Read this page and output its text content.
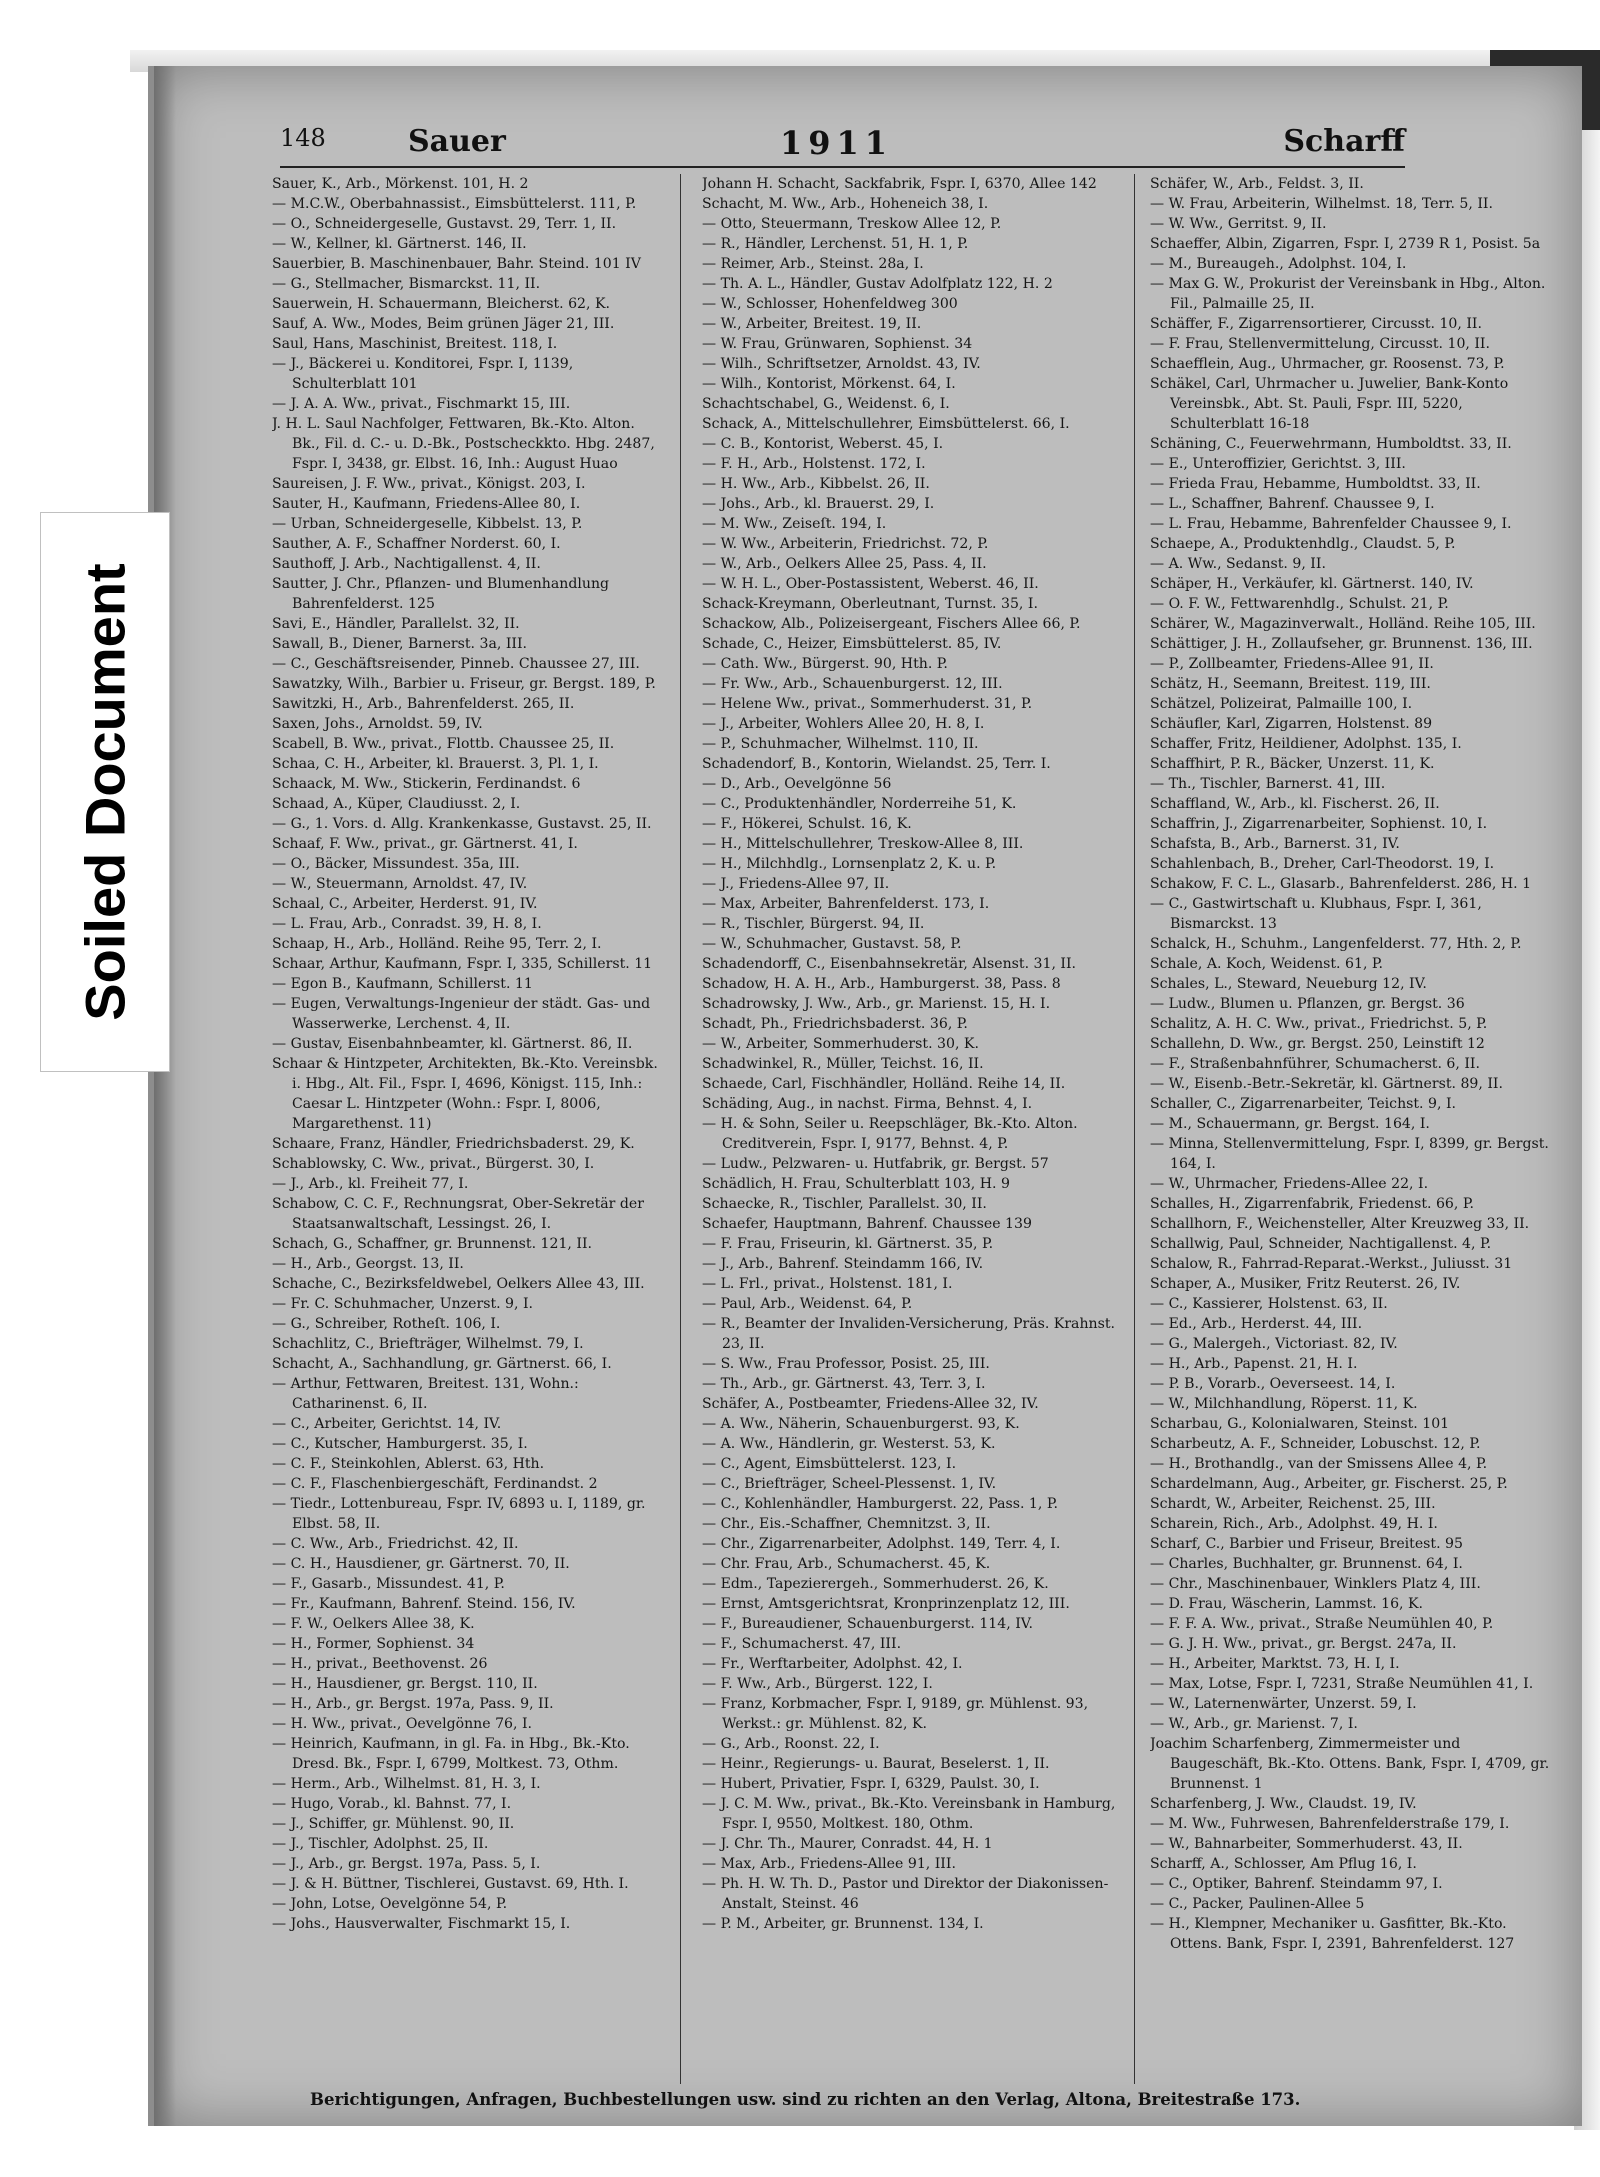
Soiled Document
148	Sauer	1911	Scharff

Sauer, K., Arb., Mörkenst. 101, H. 2

— M.C.W., Oberbahnassist., Eimsbüttelerst. 111, P.

— O., Schneidergeselle, Gustavst. 29, Terr. 1, II.

— W., Kellner, kl. Gärtnerst. 146, II.

Sauerbier, B. Maschinenbauer, Bahr. Steind. 101 IV

— G., Stellmacher, Bismarckst. 11, II.

Sauerwein, H. Schauermann, Bleicherst. 62, K.

Sauf, A. Ww., Modes, Beim grünen Jäger 21, III.

Saul, Hans, Maschinist, Breitest. 118, I.

— J., Bäckerei u. Konditorei, Fspr. I, 1139, Schulterblatt 101

— J. A. A. Ww., privat., Fischmarkt 15, III.

J. H. L. Saul Nachfolger, Fettwaren, Bk.-Kto. Alton. Bk., Fil. d. C.- u. D.-Bk., Postscheckkto. Hbg. 2487, Fspr. I, 3438, gr. Elbst. 16, Inh.: August Huao

Saureisen, J. F. Ww., privat., Königst. 203, I.

Sauter, H., Kaufmann, Friedens-Allee 80, I.

— Urban, Schneidergeselle, Kibbelst. 13, P.

Sauther, A. F., Schaffner Norderst. 60, I.

Sauthoff, J. Arb., Nachtigallenst. 4, II.

Sautter, J. Chr., Pflanzen- und Blumenhandlung Bahrenfelderst. 125

Savi, E., Händler, Parallelst. 32, II.

Sawall, B., Diener, Barnerst. 3a, III.

— C., Geschäftsreisender, Pinneb. Chaussee 27, III.

Sawatzky, Wilh., Barbier u. Friseur, gr. Bergst. 189, P.

Sawitzki, H., Arb., Bahrenfelderst. 265, II.

Saxen, Johs., Arnoldst. 59, IV.

Scabell, B. Ww., privat., Flottb. Chaussee 25, II.

Schaa, C. H., Arbeiter, kl. Brauerst. 3, Pl. 1, I.

Schaack, M. Ww., Stickerin, Ferdinandst. 6

Schaad, A., Küper, Claudiusst. 2, I.

— G., 1. Vors. d. Allg. Krankenkasse, Gustavst. 25, II.

Schaaf, F. Ww., privat., gr. Gärtnerst. 41, I.

— O., Bäcker, Missundest. 35a, III.

— W., Steuermann, Arnoldst. 47, IV.

Schaal, C., Arbeiter, Herderst. 91, IV.

— L. Frau, Arb., Conradst. 39, H. 8, I.

Schaap, H., Arb., Holländ. Reihe 95, Terr. 2, I.

Schaar, Arthur, Kaufmann, Fspr. I, 335, Schillerst. 11

— Egon B., Kaufmann, Schillerst. 11

— Eugen, Verwaltungs-Ingenieur der städt. Gas- und Wasserwerke, Lerchenst. 4, II.

— Gustav, Eisenbahnbeamter, kl. Gärtnerst. 86, II.

Schaar & Hintzpeter, Architekten, Bk.-Kto. Vereinsbk. i. Hbg., Alt. Fil., Fspr. I, 4696, Königst. 115, Inh.: Caesar L. Hintzpeter (Wohn.: Fspr. I, 8006, Margarethenst. 11)

Schaare, Franz, Händler, Friedrichsbaderst. 29, K.

Schablowsky, C. Ww., privat., Bürgerst. 30, I.

— J., Arb., kl. Freiheit 77, I.

Schabow, C. C. F., Rechnungsrat, Ober-Sekretär der Staatsanwaltschaft, Lessingst. 26, I.

Schach, G., Schaffner, gr. Brunnenst. 121, II.

— H., Arb., Georgst. 13, II.

Schache, C., Bezirksfeldwebel, Oelkers Allee 43, III.

— Fr. C. Schuhmacher, Unzerst. 9, I.

— G., Schreiber, Rotheſt. 106, I.

Schachlitz, C., Briefträger, Wilhelmst. 79, I.

Schacht, A., Sachhandlung, gr. Gärtnerst. 66, I.

— Arthur, Fettwaren, Breitest. 131, Wohn.: Catharinenst. 6, II.

— C., Arbeiter, Gerichtst. 14, IV.

— C., Kutscher, Hamburgerst. 35, I.

— C. F., Steinkohlen, Ablerst. 63, Hth.

— C. F., Flaschenbiergeschäft, Ferdinandst. 2

— Tiedr., Lottenbureau, Fspr. IV, 6893 u. I, 1189, gr. Elbst. 58, II.

— C. Ww., Arb., Friedrichst. 42, II.

— C. H., Hausdiener, gr. Gärtnerst. 70, II.

— F., Gasarb., Missundest. 41, P.

— Fr., Kaufmann, Bahrenf. Steind. 156, IV.

— F. W., Oelkers Allee 38, K.

— H., Former, Sophienst. 34

— H., privat., Beethovenst. 26

— H., Hausdiener, gr. Bergst. 110, II.

— H., Arb., gr. Bergst. 197a, Pass. 9, II.

— H. Ww., privat., Oevelgönne 76, I.

— Heinrich, Kaufmann, in gl. Fa. in Hbg., Bk.-Kto. Dresd. Bk., Fspr. I, 6799, Moltkest. 73, Othm.

— Herm., Arb., Wilhelmst. 81, H. 3, I.

— Hugo, Vorab., kl. Bahnst. 77, I.

— J., Schiffer, gr. Mühlenst. 90, II.

— J., Tischler, Adolphst. 25, II.

— J., Arb., gr. Bergst. 197a, Pass. 5, I.

— J. & H. Büttner, Tischlerei, Gustavst. 69, Hth. I.

— John, Lotse, Oevelgönne 54, P.

— Johs., Hausverwalter, Fischmarkt 15, I.

Johann H. Schacht, Sackfabrik, Fspr. I, 6370, Allee 142

Schacht, M. Ww., Arb., Hoheneich 38, I.

— Otto, Steuermann, Treskow Allee 12, P.

— R., Händler, Lerchenst. 51, H. 1, P.

— Reimer, Arb., Steinst. 28a, I.

— Th. A. L., Händler, Gustav Adolfplatz 122, H. 2

— W., Schlosser, Hohenfeldweg 300

— W., Arbeiter, Breitest. 19, II.

— W. Frau, Grünwaren, Sophienst. 34

— Wilh., Schriftsetzer, Arnoldst. 43, IV.

— Wilh., Kontorist, Mörkenst. 64, I.

Schachtschabel, G., Weidenst. 6, I.

Schack, A., Mittelschullehrer, Eimsbüttelerst. 66, I.

— C. B., Kontorist, Weberst. 45, I.

— F. H., Arb., Holstenst. 172, I.

— H. Ww., Arb., Kibbelst. 26, II.

— Johs., Arb., kl. Brauerst. 29, I.

— M. Ww., Zeiseſt. 194, I.

— W. Ww., Arbeiterin, Friedrichst. 72, P.

— W., Arb., Oelkers Allee 25, Pass. 4, II.

— W. H. L., Ober-Postassistent, Weberst. 46, II.

Schack-Kreymann, Oberleutnant, Turnst. 35, I.

Schackow, Alb., Polizeisergeant, Fischers Allee 66, P.

Schade, C., Heizer, Eimsbüttelerst. 85, IV.

— Cath. Ww., Bürgerst. 90, Hth. P.

— Fr. Ww., Arb., Schauenburgerst. 12, III.

— Helene Ww., privat., Sommerhuderst. 31, P.

— J., Arbeiter, Wohlers Allee 20, H. 8, I.

— P., Schuhmacher, Wilhelmst. 110, II.

Schadendorf, B., Kontorin, Wielandst. 25, Terr. I.

— D., Arb., Oevelgönne 56

— C., Produktenhändler, Norderreihe 51, K.

— F., Hökerei, Schulst. 16, K.

— H., Mittelschullehrer, Treskow-Allee 8, III.

— H., Milchhdlg., Lornsenplatz 2, K. u. P.

— J., Friedens-Allee 97, II.

— Max, Arbeiter, Bahrenfelderst. 173, I.

— R., Tischler, Bürgerst. 94, II.

— W., Schuhmacher, Gustavst. 58, P.

Schadendorff, C., Eisenbahnsekretär, Alsenst. 31, II.

Schadow, H. A. H., Arb., Hamburgerst. 38, Pass. 8

Schadrowsky, J. Ww., Arb., gr. Marienst. 15, H. I.

Schadt, Ph., Friedrichsbaderst. 36, P.

— W., Arbeiter, Sommerhuderst. 30, K.

Schadwinkel, R., Müller, Teichst. 16, II.

Schaede, Carl, Fischhändler, Holländ. Reihe 14, II.

Schäding, Aug., in nachst. Firma, Behnst. 4, I.

— H. & Sohn, Seiler u. Reepschläger, Bk.-Kto. Alton. Creditverein, Fspr. I, 9177, Behnst. 4, P.

— Ludw., Pelzwaren- u. Hutfabrik, gr. Bergst. 57

Schädlich, H. Frau, Schulterblatt 103, H. 9

Schaecke, R., Tischler, Parallelst. 30, II.

Schaefer, Hauptmann, Bahrenf. Chaussee 139

— F. Frau, Friseurin, kl. Gärtnerst. 35, P.

— J., Arb., Bahrenf. Steindamm 166, IV.

— L. Frl., privat., Holstenst. 181, I.

— Paul, Arb., Weidenst. 64, P.

— R., Beamter der Invaliden-Versicherung, Präs. Krahnst. 23, II.

— S. Ww., Frau Professor, Posist. 25, III.

— Th., Arb., gr. Gärtnerst. 43, Terr. 3, I.

Schäfer, A., Postbeamter, Friedens-Allee 32, IV.

— A. Ww., Näherin, Schauenburgerst. 93, K.

— A. Ww., Händlerin, gr. Westerst. 53, K.

— C., Agent, Eimsbüttelerst. 123, I.

— C., Briefträger, Scheel-Plessenst. 1, IV.

— C., Kohlenhändler, Hamburgerst. 22, Pass. 1, P.

— Chr., Eis.-Schaffner, Chemnitzst. 3, II.

— Chr., Zigarrenarbeiter, Adolphst. 149, Terr. 4, I.

— Chr. Frau, Arb., Schumacherst. 45, K.

— Edm., Tapezierergeh., Sommerhuderst. 26, K.

— Ernst, Amtsgerichtsrat, Kronprinzenplatz 12, III.

— F., Bureaudiener, Schauenburgerst. 114, IV.

— F., Schumacherst. 47, III.

— Fr., Werftarbeiter, Adolphst. 42, I.

— F. Ww., Arb., Bürgerst. 122, I.

— Franz, Korbmacher, Fspr. I, 9189, gr. Mühlenst. 93, Werkst.: gr. Mühlenst. 82, K.

— G., Arb., Roonst. 22, I.

— Heinr., Regierungs- u. Baurat, Beselerst. 1, II.

— Hubert, Privatier, Fspr. I, 6329, Paulst. 30, I.

— J. C. M. Ww., privat., Bk.-Kto. Vereinsbank in Hamburg, Fspr. I, 9550, Moltkest. 180, Othm.

— J. Chr. Th., Maurer, Conradst. 44, H. 1

— Max, Arb., Friedens-Allee 91, III.

— Ph. H. W. Th. D., Pastor und Direktor der Diakonissen-Anstalt, Steinst. 46

— P. M., Arbeiter, gr. Brunnenst. 134, I.

Schäfer, W., Arb., Feldst. 3, II.

— W. Frau, Arbeiterin, Wilhelmst. 18, Terr. 5, II.

— W. Ww., Gerritst. 9, II.

Schaeffer, Albin, Zigarren, Fspr. I, 2739 R 1, Posist. 5a

— M., Bureaugeh., Adolphst. 104, I.

— Max G. W., Prokurist der Vereinsbank in Hbg., Alton. Fil., Palmaille 25, II.

Schäffer, F., Zigarrensortierer, Circusst. 10, II.

— F. Frau, Stellenvermittelung, Circusst. 10, II.

Schaefflein, Aug., Uhrmacher, gr. Roosenst. 73, P.

Schäkel, Carl, Uhrmacher u. Juwelier, Bank-Konto Vereinsbk., Abt. St. Pauli, Fspr. III, 5220, Schulterblatt 16-18

Schäning, C., Feuerwehrmann, Humboldtst. 33, II.

— E., Unteroffizier, Gerichtst. 3, III.

— Frieda Frau, Hebamme, Humboldtst. 33, II.

— L., Schaffner, Bahrenf. Chaussee 9, I.

— L. Frau, Hebamme, Bahrenfelder Chaussee 9, I.

Schaepe, A., Produktenhdlg., Claudst. 5, P.

— A. Ww., Sedanst. 9, II.

Schäper, H., Verkäufer, kl. Gärtnerst. 140, IV.

— O. F. W., Fettwarenhdlg., Schulst. 21, P.

Schärer, W., Magazinverwalt., Holländ. Reihe 105, III.

Schättiger, J. H., Zollaufseher, gr. Brunnenst. 136, III.

— P., Zollbeamter, Friedens-Allee 91, II.

Schätz, H., Seemann, Breitest. 119, III.

Schätzel, Polizeirat, Palmaille 100, I.

Schäufler, Karl, Zigarren, Holstenst. 89

Schaffer, Fritz, Heildiener, Adolphst. 135, I.

Schaffhirt, P. R., Bäcker, Unzerst. 11, K.

— Th., Tischler, Barnerst. 41, III.

Schaffland, W., Arb., kl. Fischerst. 26, II.

Schaffrin, J., Zigarrenarbeiter, Sophienst. 10, I.

Schafsta, B., Arb., Barnerst. 31, IV.

Schahlenbach, B., Dreher, Carl-Theodorst. 19, I.

Schakow, F. C. L., Glasarb., Bahrenfelderst. 286, H. 1

— C., Gastwirtschaft u. Klubhaus, Fspr. I, 361, Bismarckst. 13

Schalck, H., Schuhm., Langenfelderst. 77, Hth. 2, P.

Schale, A. Koch, Weidenst. 61, P.

Schales, L., Steward, Neueburg 12, IV.

— Ludw., Blumen u. Pflanzen, gr. Bergst. 36

Schalitz, A. H. C. Ww., privat., Friedrichst. 5, P.

Schallehn, D. Ww., gr. Bergst. 250, Leinstift 12

— F., Straßenbahnführer, Schumacherst. 6, II.

— W., Eisenb.-Betr.-Sekretär, kl. Gärtnerst. 89, II.

Schaller, C., Zigarrenarbeiter, Teichst. 9, I.

— M., Schauermann, gr. Bergst. 164, I.

— Minna, Stellenvermittelung, Fspr. I, 8399, gr. Bergst. 164, I.

— W., Uhrmacher, Friedens-Allee 22, I.

Schalles, H., Zigarrenfabrik, Friedenst. 66, P.

Schallhorn, F., Weichensteller, Alter Kreuzweg 33, II.

Schallwig, Paul, Schneider, Nachtigallenst. 4, P.

Schalow, R., Fahrrad-Reparat.-Werkst., Juliusst. 31

Schaper, A., Musiker, Fritz Reuterst. 26, IV.

— C., Kassierer, Holstenst. 63, II.

— Ed., Arb., Herderst. 44, III.

— G., Malergeh., Victoriast. 82, IV.

— H., Arb., Papenst. 21, H. I.

— P. B., Vorarb., Oeverseest. 14, I.

— W., Milchhandlung, Röperst. 11, K.

Scharbau, G., Kolonialwaren, Steinst. 101

Scharbeutz, A. F., Schneider, Lobuschst. 12, P.

— H., Brothandlg., van der Smissens Allee 4, P.

Schardelmann, Aug., Arbeiter, gr. Fischerst. 25, P.

Schardt, W., Arbeiter, Reichenst. 25, III.

Scharein, Rich., Arb., Adolphst. 49, H. I.

Scharf, C., Barbier und Friseur, Breitest. 95

— Charles, Buchhalter, gr. Brunnenst. 64, I.

— Chr., Maschinenbauer, Winklers Platz 4, III.

— D. Frau, Wäscherin, Lammst. 16, K.

— F. F. A. Ww., privat., Straße Neumühlen 40, P.

— G. J. H. Ww., privat., gr. Bergst. 247a, II.

— H., Arbeiter, Marktst. 73, H. I, I.

— Max, Lotse, Fspr. I, 7231, Straße Neumühlen 41, I.

— W., Laternenwärter, Unzerst. 59, I.

— W., Arb., gr. Marienst. 7, I.

Joachim Scharfenberg, Zimmermeister und Baugeschäft, Bk.-Kto. Ottens. Bank, Fspr. I, 4709, gr. Brunnenst. 1

Scharfenberg, J. Ww., Claudst. 19, IV.

— M. Ww., Fuhrwesen, Bahrenfelderstraße 179, I.

— W., Bahnarbeiter, Sommerhuderst. 43, II.

Scharff, A., Schlosser, Am Pflug 16, I.

— C., Optiker, Bahrenf. Steindamm 97, I.

— C., Packer, Paulinen-Allee 5

— H., Klempner, Mechaniker u. Gasfitter, Bk.-Kto. Ottens. Bank, Fspr. I, 2391, Bahrenfelderst. 127

Berichtigungen, Anfragen, Buchbestellungen usw. sind zu richten an den Verlag, Altona, Breitestraße 173.
